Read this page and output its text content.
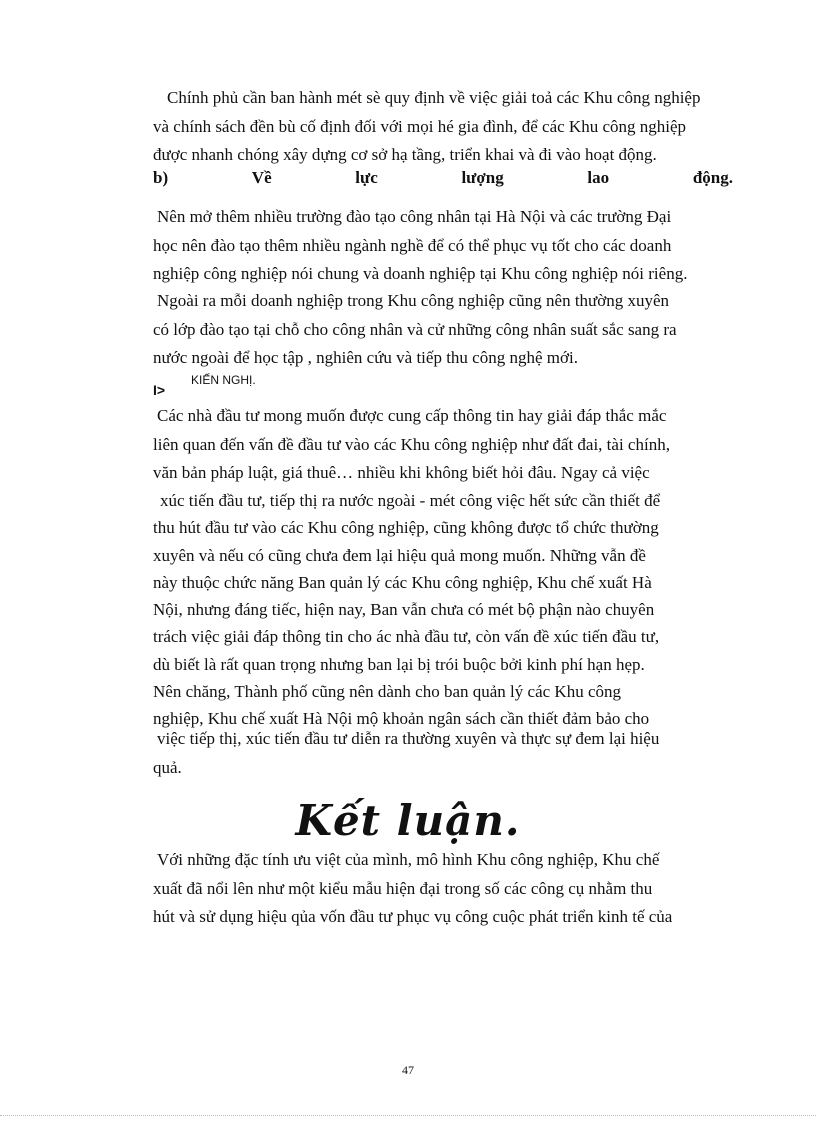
Chính phủ cần ban hành mét sè quy định về việc giải toả các Khu công nghiệp
và chính sách đền bù cố định đối với mọi hé gia đình, để các Khu công nghiệp
được nhanh chóng xây dựng cơ sở hạ tầng, triển khai và đi vào hoạt động.
b)	Về	lực	lượng	lao	động.
Nên mở thêm nhiều trường đào tạo công nhân tại Hà Nội và các trường Đại
học nên đào tạo thêm nhiều ngành nghề để có thể phục vụ tốt cho các doanh
nghiệp công nghiệp nói chung và doanh nghiệp tại Khu công nghiệp nói riêng.
Ngoài ra mỗi doanh nghiệp trong Khu công nghiệp cũng nên thường xuyên
có lớp đào tạo tại chỗ cho công nhân và cử những công nhân suất sắc sang ra
nước ngoài để học tập , nghiên cứu và tiếp thu công nghệ mới.
I>
KIẾN NGHỊ.
Các nhà đầu tư mong muốn được cung cấp thông tin hay giải đáp thắc mắc
liên quan đến vấn đề đầu tư vào các Khu công nghiệp như đất đai, tài chính,
văn bản pháp luật, giá thuê… nhiều khi không biết hỏi đâu. Ngay cả việc
xúc tiến đầu tư, tiếp thị ra nước ngoài - mét công việc hết sức cần thiết để
thu hút đầu tư vào các Khu công nghiệp, cũng không được tổ chức thường
xuyên và nếu có cũng chưa đem lại hiệu quả mong muốn. Những vẫn đề
này thuộc chức năng Ban quản lý các Khu công nghiệp, Khu chế xuất Hà
Nội, nhưng đáng tiếc, hiện nay, Ban vẫn chưa có mét bộ phận nào chuyên
trách việc giải đáp thông tin cho ác nhà đầu tư, còn vấn đề xúc tiến đầu tư,
dù biết là rất quan trọng nhưng ban lại bị trói buộc bởi kinh phí hạn hẹp.
Nên chăng, Thành phố cũng nên dành cho ban quản lý các Khu công
nghiệp, Khu chế xuất Hà Nội mộ khoản ngân sách cần thiết đảm bảo cho
việc tiếp thị, xúc tiến đầu tư diễn ra thường xuyên và thực sự đem lại hiệu
quả.
Kết luận.
Với những đặc tính ưu việt của mình, mô hình Khu công nghiệp, Khu chế
xuất đã nổi lên như một kiểu mẫu hiện đại trong số các công cụ nhằm thu
hút và sử dụng hiệu qủa vốn đầu tư phục vụ công cuộc phát triển kinh tế của
47
